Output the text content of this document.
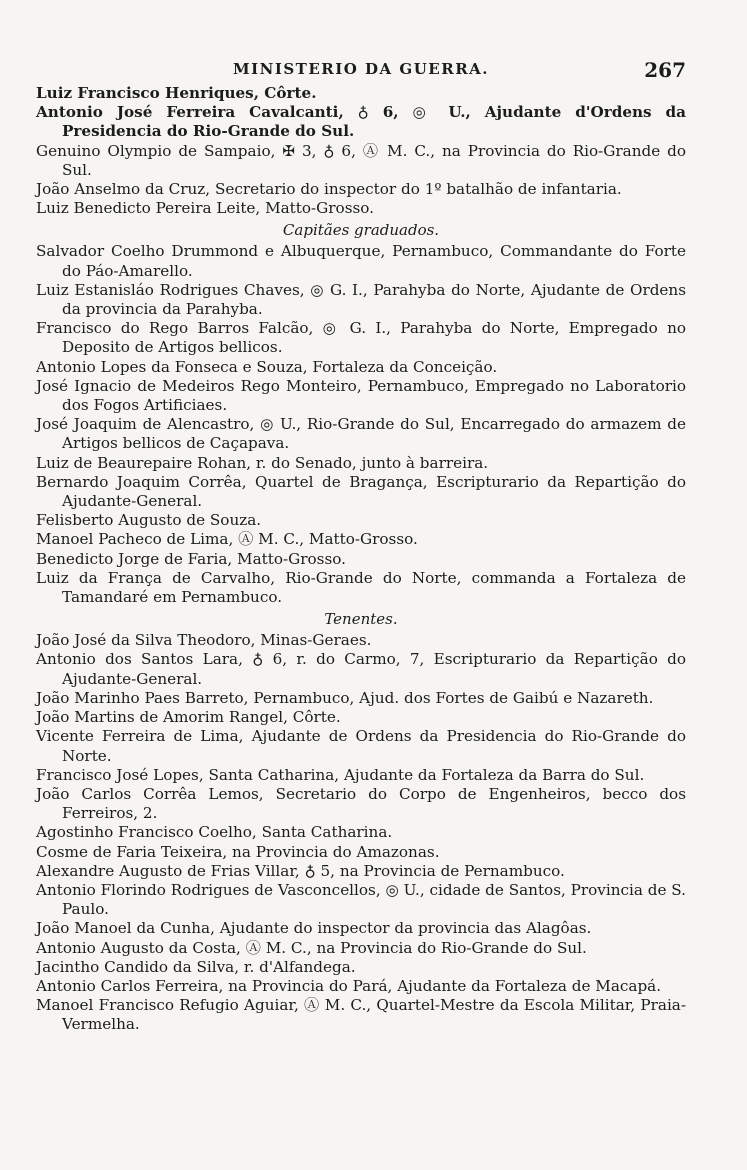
MINISTERIO DA GUERRA.	267

Luiz Francisco Henriques, Côrte.

Antonio José Ferreira Cavalcanti, ♁ 6, ◎ U., Ajudante d'Ordens da Presidencia do Rio-Grande do Sul.

Genuino Olympio de Sampaio, ✠ 3, ♁ 6, Ⓐ M. C., na Provincia do Rio-Grande do Sul.

João Anselmo da Cruz, Secretario do inspector do 1º batalhão de infantaria.

Luiz Benedicto Pereira Leite, Matto-Grosso.

Capitães graduados.

Salvador Coelho Drummond e Albuquerque, Pernambuco, Commandante do Forte do Páo-Amarello.

Luiz Estanisláo Rodrigues Chaves, ◎ G. I., Parahyba do Norte, Ajudante de Ordens da provincia da Parahyba.

Francisco do Rego Barros Falcão, ◎ G. I., Parahyba do Norte, Empregado no Deposito de Artigos bellicos.

Antonio Lopes da Fonseca e Souza, Fortaleza da Conceição.

José Ignacio de Medeiros Rego Monteiro, Pernambuco, Empregado no Laboratorio dos Fogos Artificiaes.

José Joaquim de Alencastro, ◎ U., Rio-Grande do Sul, Encarregado do armazem de Artigos bellicos de Caçapava.

Luiz de Beaurepaire Rohan, r. do Senado, junto à barreira.

Bernardo Joaquim Corrêa, Quartel de Bragança, Escripturario da Repartição do Ajudante-General.

Felisberto Augusto de Souza.

Manoel Pacheco de Lima, Ⓐ M. C., Matto-Grosso.

Benedicto Jorge de Faria, Matto-Grosso.

Luiz da França de Carvalho, Rio-Grande do Norte, commanda a Fortaleza de Tamandaré em Pernambuco.

Tenentes.

João José da Silva Theodoro, Minas-Geraes.

Antonio dos Santos Lara, ♁ 6, r. do Carmo, 7, Escripturario da Repartição do Ajudante-General.

João Marinho Paes Barreto, Pernambuco, Ajud. dos Fortes de Gaibú e Nazareth.

João Martins de Amorim Rangel, Côrte.

Vicente Ferreira de Lima, Ajudante de Ordens da Presidencia do Rio-Grande do Norte.

Francisco José Lopes, Santa Catharina, Ajudante da Fortaleza da Barra do Sul.

João Carlos Corrêa Lemos, Secretario do Corpo de Engenheiros, becco dos Ferreiros, 2.

Agostinho Francisco Coelho, Santa Catharina.

Cosme de Faria Teixeira, na Provincia do Amazonas.

Alexandre Augusto de Frias Villar, ♁ 5, na Provincia de Pernambuco.

Antonio Florindo Rodrigues de Vasconcellos, ◎ U., cidade de Santos, Provincia de S. Paulo.

João Manoel da Cunha, Ajudante do inspector da provincia das Alagôas.

Antonio Augusto da Costa, Ⓐ M. C., na Provincia do Rio-Grande do Sul.

Jacintho Candido da Silva, r. d'Alfandega.

Antonio Carlos Ferreira, na Provincia do Pará, Ajudante da Fortaleza de Macapá.

Manoel Francisco Refugio Aguiar, Ⓐ M. C., Quartel-Mestre da Escola Militar, Praia-Vermelha.
